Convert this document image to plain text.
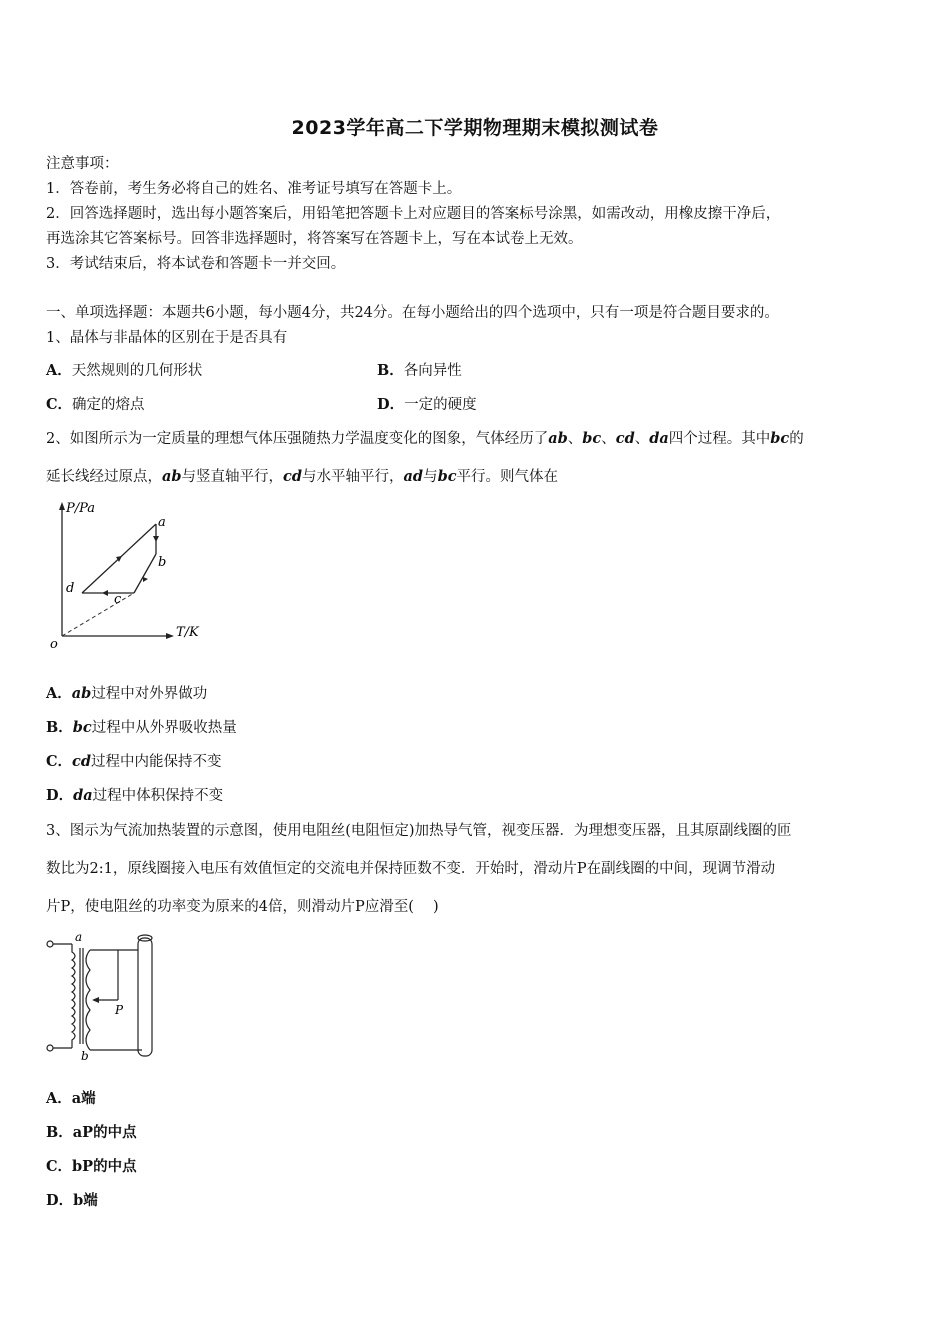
2023学年高二下学期物理期末模拟测试卷
注意事项：
1．答卷前，考生务必将自己的姓名、准考证号填写在答题卡上。
2．回答选择题时，选出每小题答案后，用铅笔把答题卡上对应题目的答案标号涂黑，如需改动，用橡皮擦干净后，
再选涂其它答案标号。回答非选择题时，将答案写在答题卡上，写在本试卷上无效。
3．考试结束后，将本试卷和答题卡一并交回。
一、单项选择题：本题共6小题，每小题4分，共24分。在每小题给出的四个选项中，只有一项是符合题目要求的。
1、晶体与非晶体的区别在于是否具有
A．天然规则的几何形状	B．各向异性
C．确定的熔点	D．一定的硬度
2、如图所示为一定质量的理想气体压强随热力学温度变化的图象，气体经历了ab、bc、cd、da四个过程。其中bc的
延长线经过原点，ab与竖直轴平行，cd与水平轴平行，ad与bc平行。则气体在
P/Pa
T/K
o
a
b
c
d
A．ab过程中对外界做功
B．bc过程中从外界吸收热量
C．cd过程中内能保持不变
D．da过程中体积保持不变
3、图示为气流加热装置的示意图，使用电阻丝(电阻恒定)加热导气管，视变压器．为理想变压器，且其原副线圈的匝
数比为2:1，原线圈接入电压有效值恒定的交流电并保持匝数不变．开始时，滑动片P在副线圈的中间，现调节滑动
片P，使电阻丝的功率变为原来的4倍，则滑动片P应滑至(　 )
a
b
P
A．a端
B．aP的中点
C．bP的中点
D．b端
